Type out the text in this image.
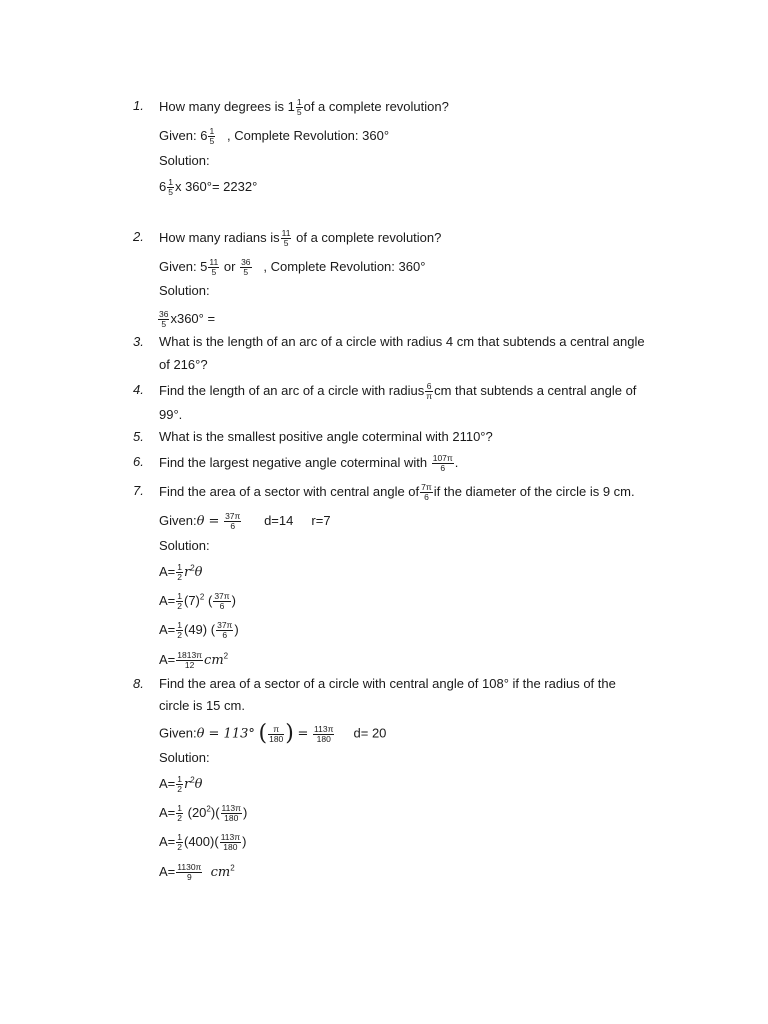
1. How many degrees is $1 \frac{1}{5}$ of a complete revolution?
Given: $6 \frac{1}{5}$ , Complete Revolution: 360°
Solution:
$6 \frac{1}{5}$ x 360°= 2232°
2. How many radians is $\frac{11}{5}$ of a complete revolution?
Given: $5 \frac{11}{5}$ or $\frac{36}{5}$ , Complete Revolution: 360°
Solution:
$\frac{36}{5} x360^\circ$ =
3. What is the length of an arc of a circle with radius 4 cm that subtends a central angle
of 216°?
4. Find the length of an arc of a circle with radius $\frac{6}{\pi}$ cm that subtends a central angle of
99°.
5. What is the smallest positive angle coterminal with 2110°?
6. Find the largest negative angle coterminal with $\frac{107\pi}{6}$ .
7. Find the area of a sector with central angle of $\frac{7\pi}{6}$ if the diameter of the circle is 9 cm.
Given:θ = $\frac{37\pi}{6} d=14$ r=7
Solution:
$A= \frac{1}{2} r^2\theta$
$A= \frac{1}{2} (7)^2$ ( $\frac{37\pi}{6}$ )
$A= \frac{1}{2} (49)$ ( $\frac{37\pi}{6}$ )
$A= \frac{1813\pi}{12} cm^2$
8. Find the area of a sector of a circle with central angle of 108° if the radius of the
circle is 15 cm.
Given:θ = 113° ( $\frac{\pi}{180}$ ) = $\frac{113\pi}{180} d= 20$
Solution:
$A= \frac{1}{2} r^2\theta$
$A= \frac{1}{2} (20^2)( \frac{113\pi}{180}$ )
$A= \frac{1}{2} (400)( \frac{113\pi}{180}$ )
$A= \frac{1130\pi}{9} cm^2$
